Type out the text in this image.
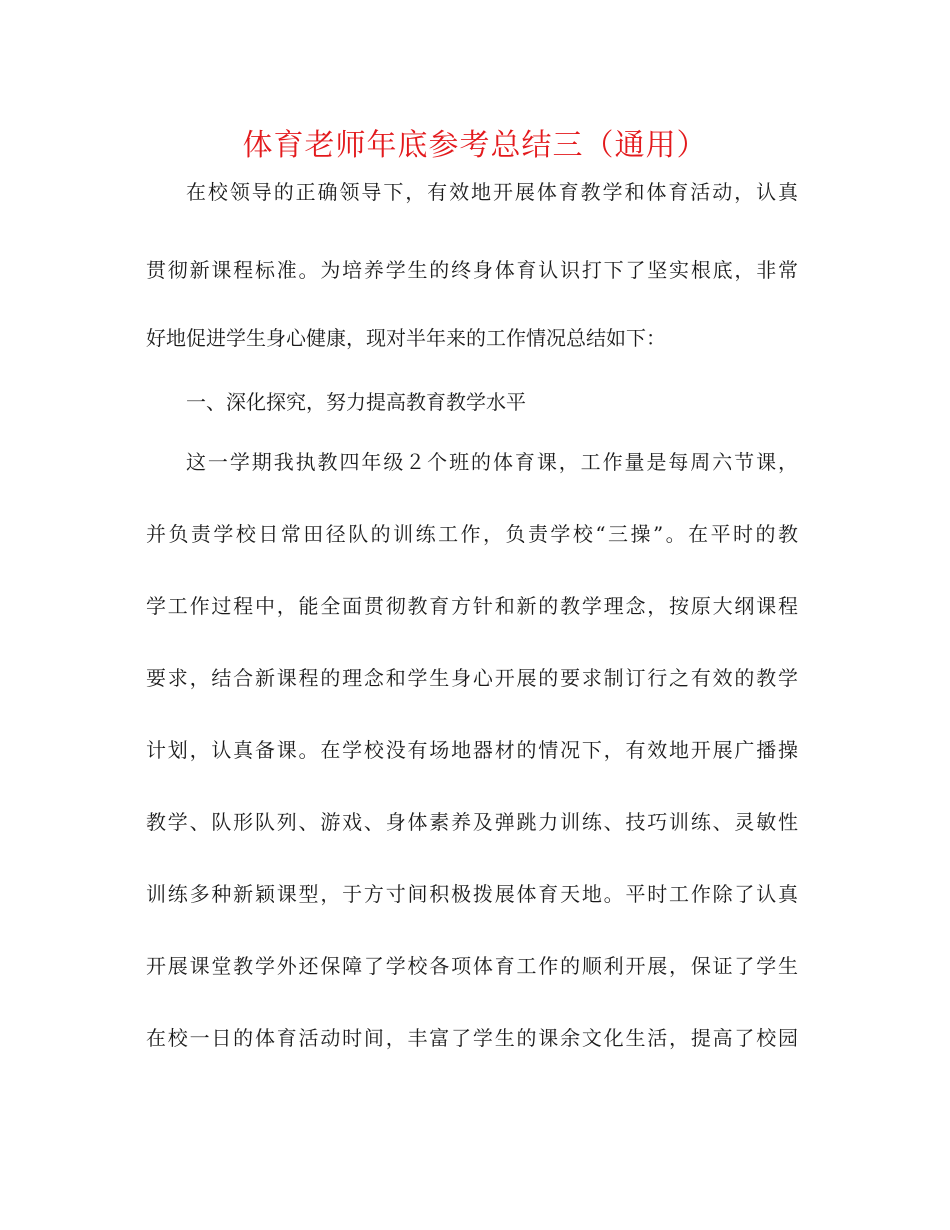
体育老师年底参考总结三（通用）
在校领导的正确领导下，有效地开展体育教学和体育活动，认真
贯彻新课程标准。为培养学生的终身体育认识打下了坚实根底，非常
好地促进学生身心健康，现对半年来的工作情况总结如下：
一、深化探究，努力提高教育教学水平
这一学期我执教四年级２个班的体育课，工作量是每周六节课，
并负责学校日常田径队的训练工作，负责学校“三操”。在平时的教
学工作过程中，能全面贯彻教育方针和新的教学理念，按原大纲课程
要求，结合新课程的理念和学生身心开展的要求制订行之有效的教学
计划，认真备课。在学校没有场地器材的情况下，有效地开展广播操
教学、队形队列、游戏、身体素养及弹跳力训练、技巧训练、灵敏性
训练多种新颖课型，于方寸间积极拨展体育天地。平时工作除了认真
开展课堂教学外还保障了学校各项体育工作的顺利开展，保证了学生
在校一日的体育活动时间，丰富了学生的课余文化生活，提高了校园
